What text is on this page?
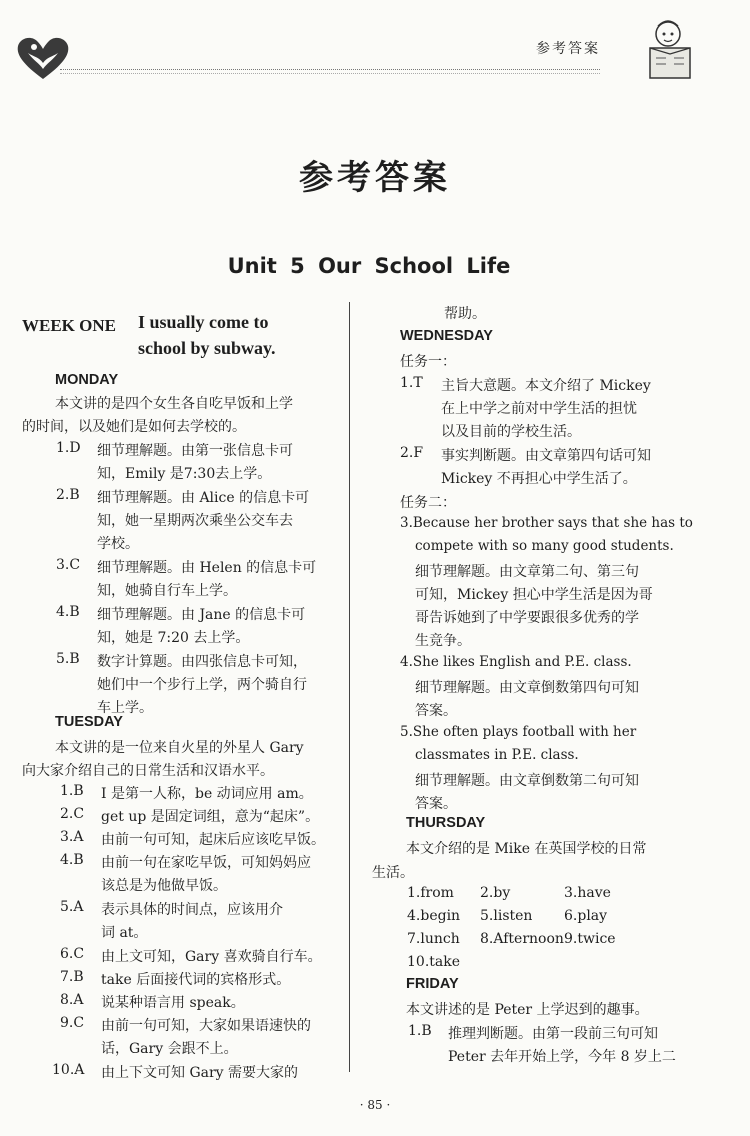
参考答案
参考答案
Unit 5 Our School Life
WEEK ONE I usually come to
school by subway.
MONDAY
本文讲的是四个女生各自吃早饭和上学
的时间，以及她们是如何去学校的。
1.D 细节理解题。由第一张信息卡可
知，Emily 是7:30去上学。
2.B 细节理解题。由 Alice 的信息卡可
知，她一星期两次乘坐公交车去
学校。
3.C 细节理解题。由 Helen 的信息卡可
知，她骑自行车上学。
4.B 细节理解题。由 Jane 的信息卡可
知，她是 7:20 去上学。
5.B 数字计算题。由四张信息卡可知，
她们中一个步行上学，两个骑自行
车上学。
TUESDAY
本文讲的是一位来自火星的外星人 Gary
向大家介绍自己的日常生活和汉语水平。
1.B I 是第一人称，be 动词应用 am。
2.C get up 是固定词组，意为“起床”。
3.A 由前一句可知，起床后应该吃早饭。
4.B 由前一句在家吃早饭，可知妈妈应
该总是为他做早饭。
5.A 表示具体的时间点，应该用介
词 at。
6.C 由上文可知，Gary 喜欢骑自行车。
7.B take 后面接代词的宾格形式。
8.A 说某种语言用 speak。
9.C 由前一句可知，大家如果语速快的
话，Gary 会跟不上。
10.A 由上下文可知 Gary 需要大家的
帮助。
WEDNESDAY
任务一：
1.T 主旨大意题。本文介绍了 Mickey
在上中学之前对中学生活的担忧
以及目前的学校生活。
2.F 事实判断题。由文章第四句话可知
Mickey 不再担心中学生活了。
任务二：
3.Because her brother says that she has to
compete with so many good students.
细节理解题。由文章第二句、第三句
可知，Mickey 担心中学生活是因为哥
哥告诉她到了中学要跟很多优秀的学
生竞争。
4.She likes English and P.E. class.
细节理解题。由文章倒数第四句可知
答案。
5.She often plays football with her
classmates in P.E. class.
细节理解题。由文章倒数第二句可知
答案。
THURSDAY
本文介绍的是 Mike 在英国学校的日常
生活。
1.from 2.by	3.have
4.begin 5.listen 6.play
7.lunch 8.Afternoon 9.twice
10.take
FRIDAY
本文讲述的是 Peter 上学迟到的趣事。
1.B 推理判断题。由第一段前三句可知
Peter 去年开始上学，今年 8 岁上二
· 85 ·
